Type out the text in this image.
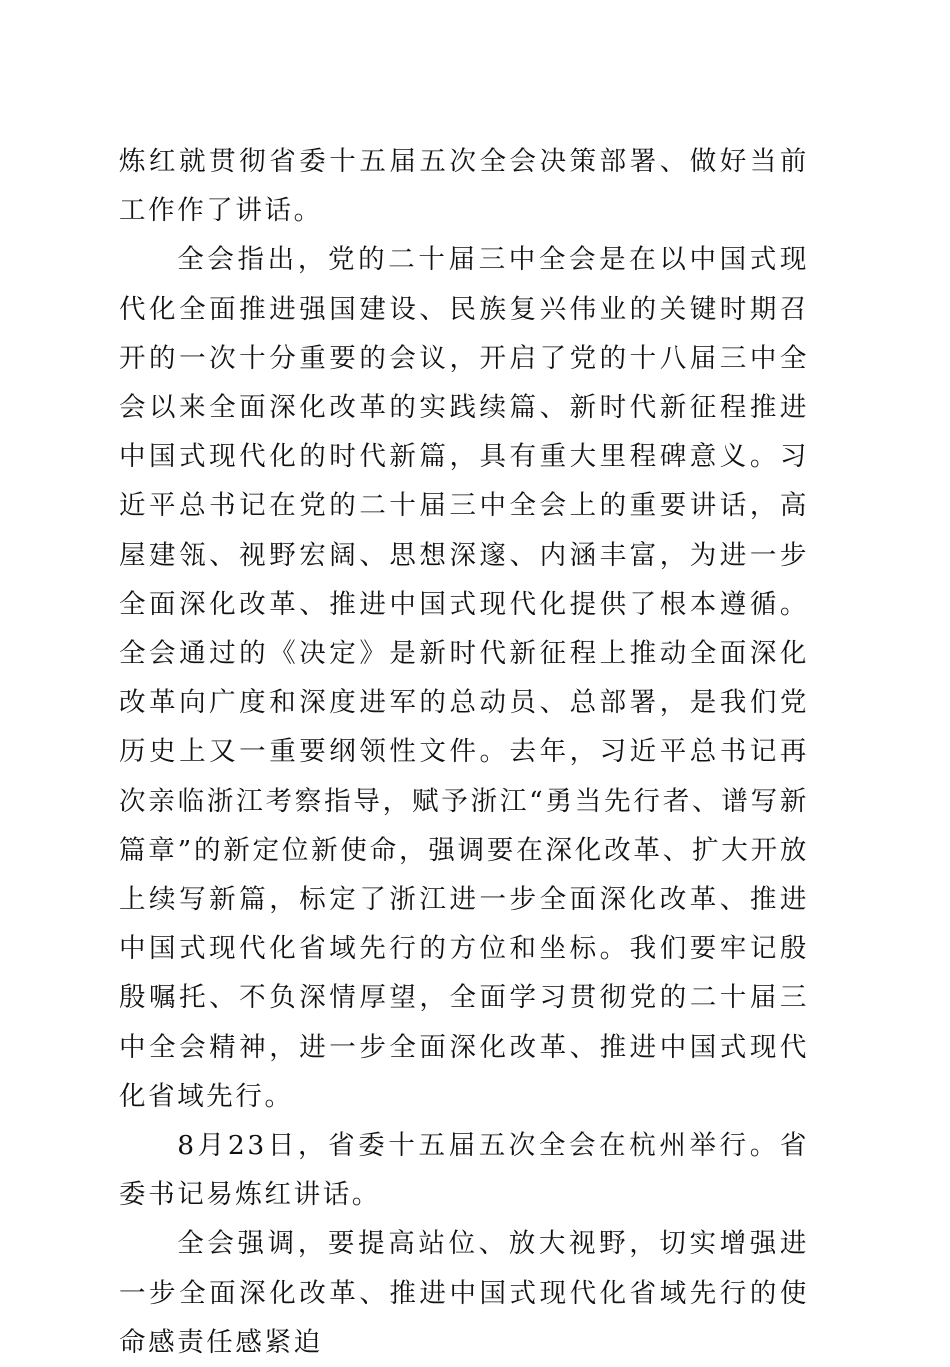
炼红就贯彻省委十五届五次全会决策部署、做好当前工作作了讲话。

全会指出，党的二十届三中全会是在以中国式现代化全面推进强国建设、民族复兴伟业的关键时期召开的一次十分重要的会议，开启了党的十八届三中全会以来全面深化改革的实践续篇、新时代新征程推进中国式现代化的时代新篇，具有重大里程碑意义。习近平总书记在党的二十届三中全会上的重要讲话，高屋建瓴、视野宏阔、思想深邃、内涵丰富，为进一步全面深化改革、推进中国式现代化提供了根本遵循。全会通过的《决定》是新时代新征程上推动全面深化改革向广度和深度进军的总动员、总部署，是我们党历史上又一重要纲领性文件。去年，习近平总书记再次亲临浙江考察指导，赋予浙江“勇当先行者、谱写新篇章”的新定位新使命，强调要在深化改革、扩大开放上续写新篇，标定了浙江进一步全面深化改革、推进中国式现代化省域先行的方位和坐标。我们要牢记殷殷嘱托、不负深情厚望，全面学习贯彻党的二十届三中全会精神，进一步全面深化改革、推进中国式现代化省域先行。

8月23日，省委十五届五次全会在杭州举行。省委书记易炼红讲话。

全会强调，要提高站位、放大视野，切实增强进一步全面深化改革、推进中国式现代化省域先行的使命感责任感紧迫
